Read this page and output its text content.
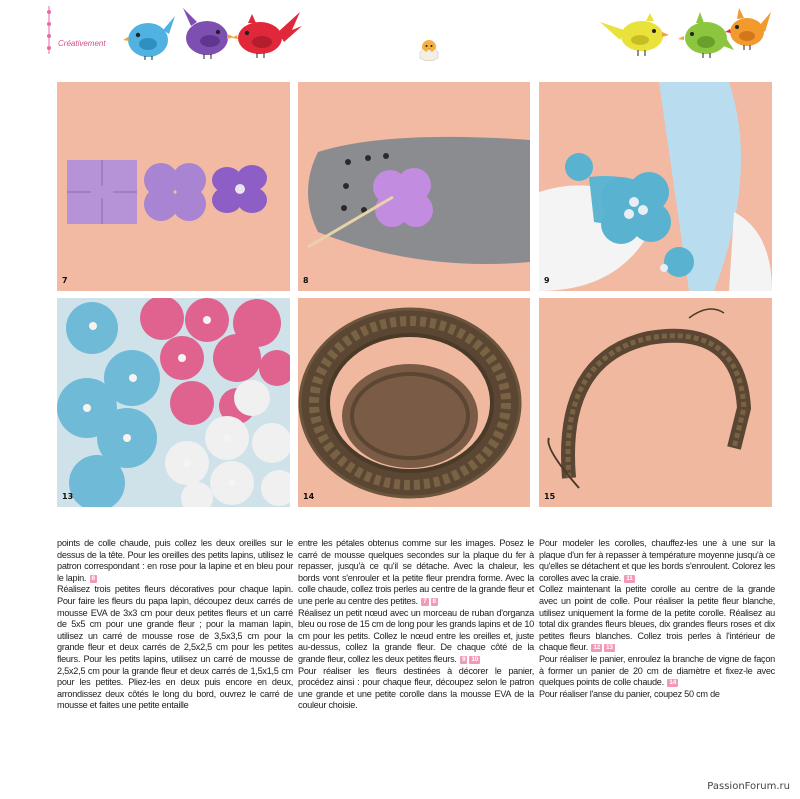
Créativement
7	8	9
13	14	15

points de colle chaude, puis collez les deux oreilles sur le dessus de la tête. Pour les oreilles des petits lapins, utilisez le patron correspondant : en rose pour la lapine et en bleu pour le lapin. 6

Réalisez trois petites fleurs décoratives pour chaque lapin. Pour faire les fleurs du papa lapin, découpez deux carrés de mousse EVA de 3x3 cm pour deux petites fleurs et un carré de 5x5 cm pour une grande fleur ; pour la maman lapin, utilisez un carré de mousse rose de 3,5x3,5 cm pour la grande fleur et deux carrés de 2,5x2,5 cm pour les petites fleurs. Pour les petits lapins, utilisez un carré de mousse de 2,5x2,5 cm pour la grande fleur et deux carrés de 1,5x1,5 cm pour les petites. Pliez-les en deux puis encore en deux, arrondissez deux côtés le long du bord, ouvrez le carré de mousse et faites une petite entaille

entre les pétales obtenus comme sur les images. Posez le carré de mousse quelques secondes sur la plaque du fer à repasser, jusqu'à ce qu'il se détache. Avec la chaleur, les bords vont s'enrouler et la petite fleur prendra forme. Avec la colle chaude, collez trois perles au centre de la grande fleur et une perle au centre des petites. 7 8

Réalisez un petit nœud avec un morceau de ruban d'organza bleu ou rose de 15 cm de long pour les grands lapins et de 10 cm pour les petits. Collez le nœud entre les oreilles et, juste au-dessus, collez la grande fleur. De chaque côté de la grande fleur, collez les deux petites fleurs. 9 10

Pour réaliser les fleurs destinées à décorer le panier, procédez ainsi : pour chaque fleur, découpez selon le patron une grande et une petite corolle dans la mousse EVA de la couleur choisie.

Pour modeler les corolles, chauffez-les une à une sur la plaque d'un fer à repasser à température moyenne jusqu'à ce qu'elles se détachent et que les bords s'enroulent. Colorez les corolles avec la craie. 11

Collez maintenant la petite corolle au centre de la grande avec un point de colle. Pour réaliser la petite fleur blanche, utilisez uniquement la forme de la petite corolle. Réalisez au total dix grandes fleurs bleues, dix grandes fleurs roses et dix petites fleurs blanches. Collez trois perles à l'intérieur de chaque fleur. 12 13

Pour réaliser le panier, enroulez la branche de vigne de façon à former un panier de 20 cm de diamètre et fixez-le avec quelques points de colle chaude. 14

Pour réaliser l'anse du panier, coupez 50 cm de

PassionForum.ru
